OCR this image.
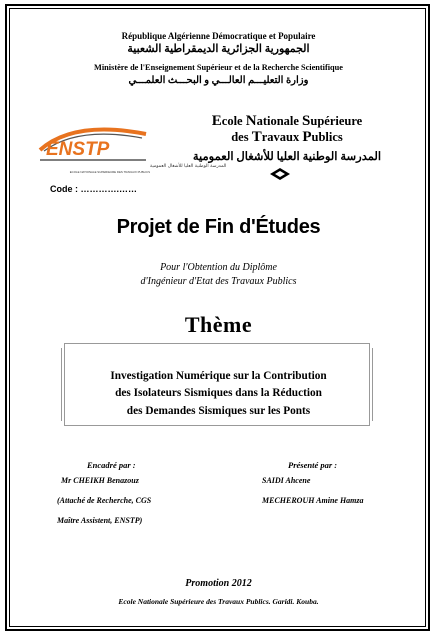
République Algérienne Démocratique et Populaire
الجمهورية الجزائرية الديمقراطية الشعبية
Ministère de l'Enseignement Supérieur et de la Recherche Scientifique
وزارة التعليـــم العالـــي و البحـــث العلمـــي
ENSTP
المدرسة الوطنية العليا للأشغال العمومية
ECOLE NATIONALE SUPERIEURE DES TRAVAUX PUBLICS
Ecole Nationale Supérieure
des Travaux Publics
المدرسة الوطنية العليا للأشغال العمومية
Code : ………….……
Projet de Fin d'Études
Pour l'Obtention du Diplôme
d'Ingénieur d'Etat des Travaux Publics
Thème
Investigation Numérique sur la Contribution
des Isolateurs Sismiques dans la Réduction
des Demandes Sismiques sur les Ponts
Encadré par :
Mr CHEIKH Benazouz
(Attaché de Recherche, CGS
Maître Assistent, ENSTP)
Présenté par :
SAIDI Ahcene
MECHEROUH Amine Hamza
Promotion 2012
Ecole Nationale Supérieure des Travaux Publics. Garidi. Kouba.
